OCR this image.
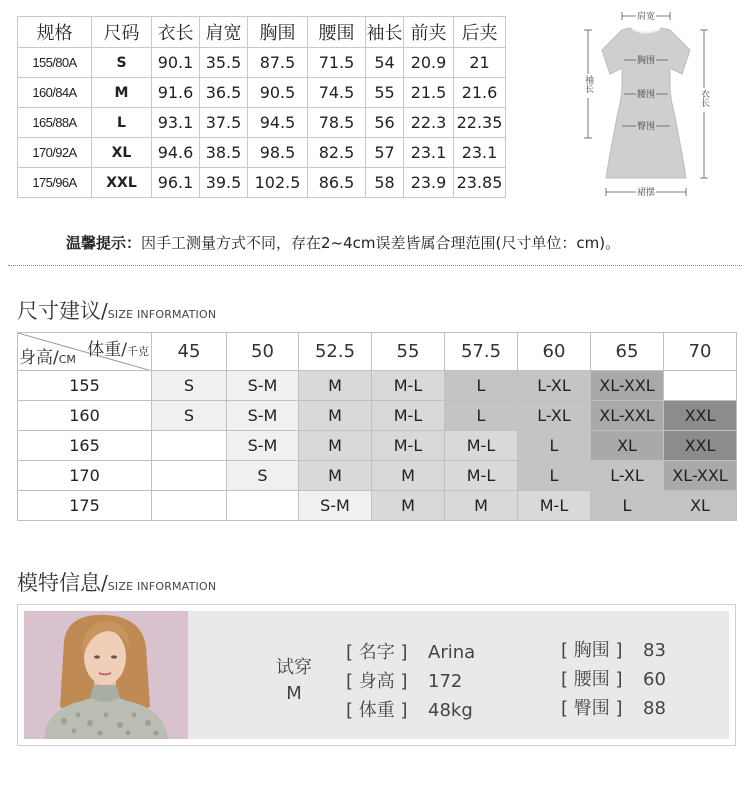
规格	尺码	衣长	肩宽	胸围	腰围	袖长	前夹	后夹
155/80A	S	90.1	35.5	87.5	71.5	54	20.9	21
160/84A	M	91.6	36.5	90.5	74.5	55	21.5	21.6
165/88A	L	93.1	37.5	94.5	78.5	56	22.3	22.35
170/92A	XL	94.6	38.5	98.5	82.5	57	23.1	23.1
175/96A	XXL	96.1	39.5	102.5	86.5	58	23.9	23.85
肩宽
胸围
腰围
臀围
裙摆
袖长
衣长
温馨提示：因手工测量方式不同，存在2~4cm误差皆属合理范围(尺寸单位：cm)。
尺寸建议/SIZE INFORMATION
体重/千克
身高/CM	45	50	52.5	55	57.5	60	65	70
155	S	S-M	M	M-L	L	L-XL	XL-XXL	
160	S	S-M	M	M-L	L	L-XL	XL-XXL	XXL
165		S-M	M	M-L	M-L	L	XL	XXL
170		S	M	M	M-L	L	L-XL	XL-XXL
175			S-M	M	M	M-L	L	XL
模特信息/SIZE INFORMATION
试穿
M
[ 名字 ] Arina
[ 身高 ] 172
[ 体重 ] 48kg
[ 胸围 ] 83
[ 腰围 ] 60
[ 臀围 ] 88
